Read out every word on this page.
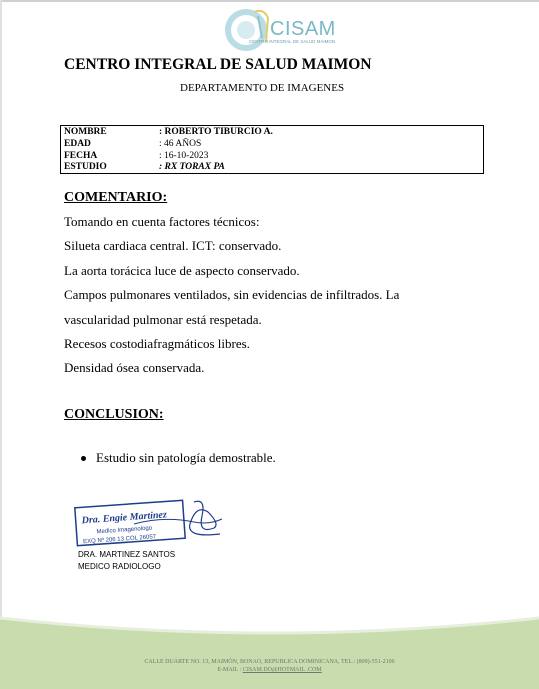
CISAM
CENTRO INTEGRAL DE SALUD MAIMON
CENTRO INTEGRAL DE SALUD MAIMON
DEPARTAMENTO DE IMAGENES
NOMBRE	: ROBERTO TIBURCIO A.
EDAD	: 46 AÑOS
FECHA	: 16-10-2023
ESTUDIO	: RX TORAX PA
COMENTARIO:
Tomando en cuenta factores técnicos:
Silueta cardiaca central. ICT: conservado.
La aorta torácica luce de aspecto conservado.
Campos pulmonares ventilados, sin evidencias de infiltrados. La
vascularidad pulmonar está respetada.
Recesos costodiafragmáticos libres.
Densidad ósea conservada.
CONCLUSION:
Estudio sin patología demostrable.
Dra. Engie Martinez
Medico Imagenologo
EXQ Nº 206 13 COL 26057
DRA. MARTINEZ SANTOS
MEDICO RADIOLOGO
CALLE DUARTE NO. 13, MAIMÓN, BONAO, REPUBLICA DOMINICANA, TEL.: (809)-551-2106
E-MAIL : CISAM.DO@HOTMAIL .COM
